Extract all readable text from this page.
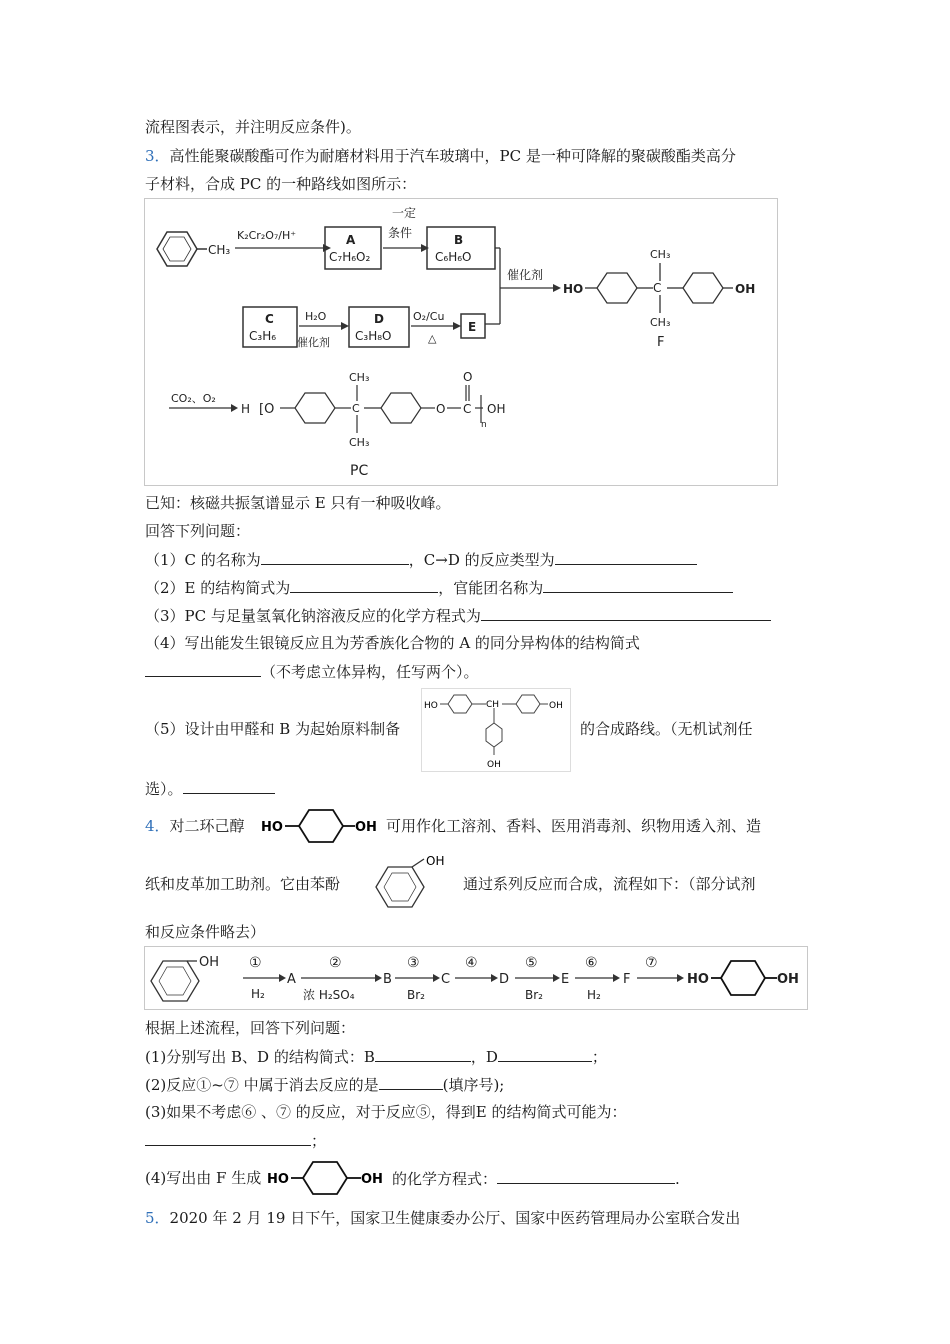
流程图表示，并注明反应条件)。
3．高性能聚碳酸酯可作为耐磨材料用于汽车玻璃中，PC 是一种可降解的聚碳酸酯类高分
子材料，合成 PC 的一种路线如图所示：
CH₃
K₂Cr₂O₇/H⁺	A
C₇H₆O₂
一定
条件	B
C₆H₆O
催化剂
HO	C
CH₃
CH₃
OH
F
C
C₃H₆
H₂O
催化剂
D
C₃H₈O
O₂/Cu
△
E
CO₂、O₂
H [O	C
CH₃
CH₃
O C
O
OH
n
PC
已知：核磁共振氢谱显示 E 只有一种吸收峰。
回答下列问题：
（1）C 的名称为	，C→D 的反应类型为
（2）E 的结构简式为	，官能团名称为
（3）PC 与足量氢氧化钠溶液反应的化学方程式为
（4）写出能发生银镜反应且为芳香族化合物的 A 的同分异构体的结构简式
（不考虑立体异构，任写两个）。
（5）设计由甲醛和 B 为起始原料制备
HO	CH	OH
OH
的合成路线。（无机试剂任
选）。
4．对二环己醇 HO	OH 可用作化工溶剂、香料、医用消毒剂、织物用透入剂、造
纸和皮革加工助剂。它由苯酚
OH
通过系列反应而合成，流程如下：（部分试剂
和反应条件略去）
OH ①
H₂
A
②
浓 H₂SO₄
B
③
Br₂
C
④
D
⑤
Br₂
E
⑥
H₂
F
⑦
HO	OH
根据上述流程，回答下列问题：
(1)分别写出 B、D 的结构简式：B	，D	；
(2)反应①~⑦ 中属于消去反应的是	(填序号);
(3)如果不考虑⑥ 、⑦ 的反应，对于反应⑤，得到E 的结构简式可能为：
；
(4)写出由 F 生成 HO	OH 的化学方程式：	.
5．2020 年 2 月 19 日下午，国家卫生健康委办公厅、国家中医药管理局办公室联合发出
